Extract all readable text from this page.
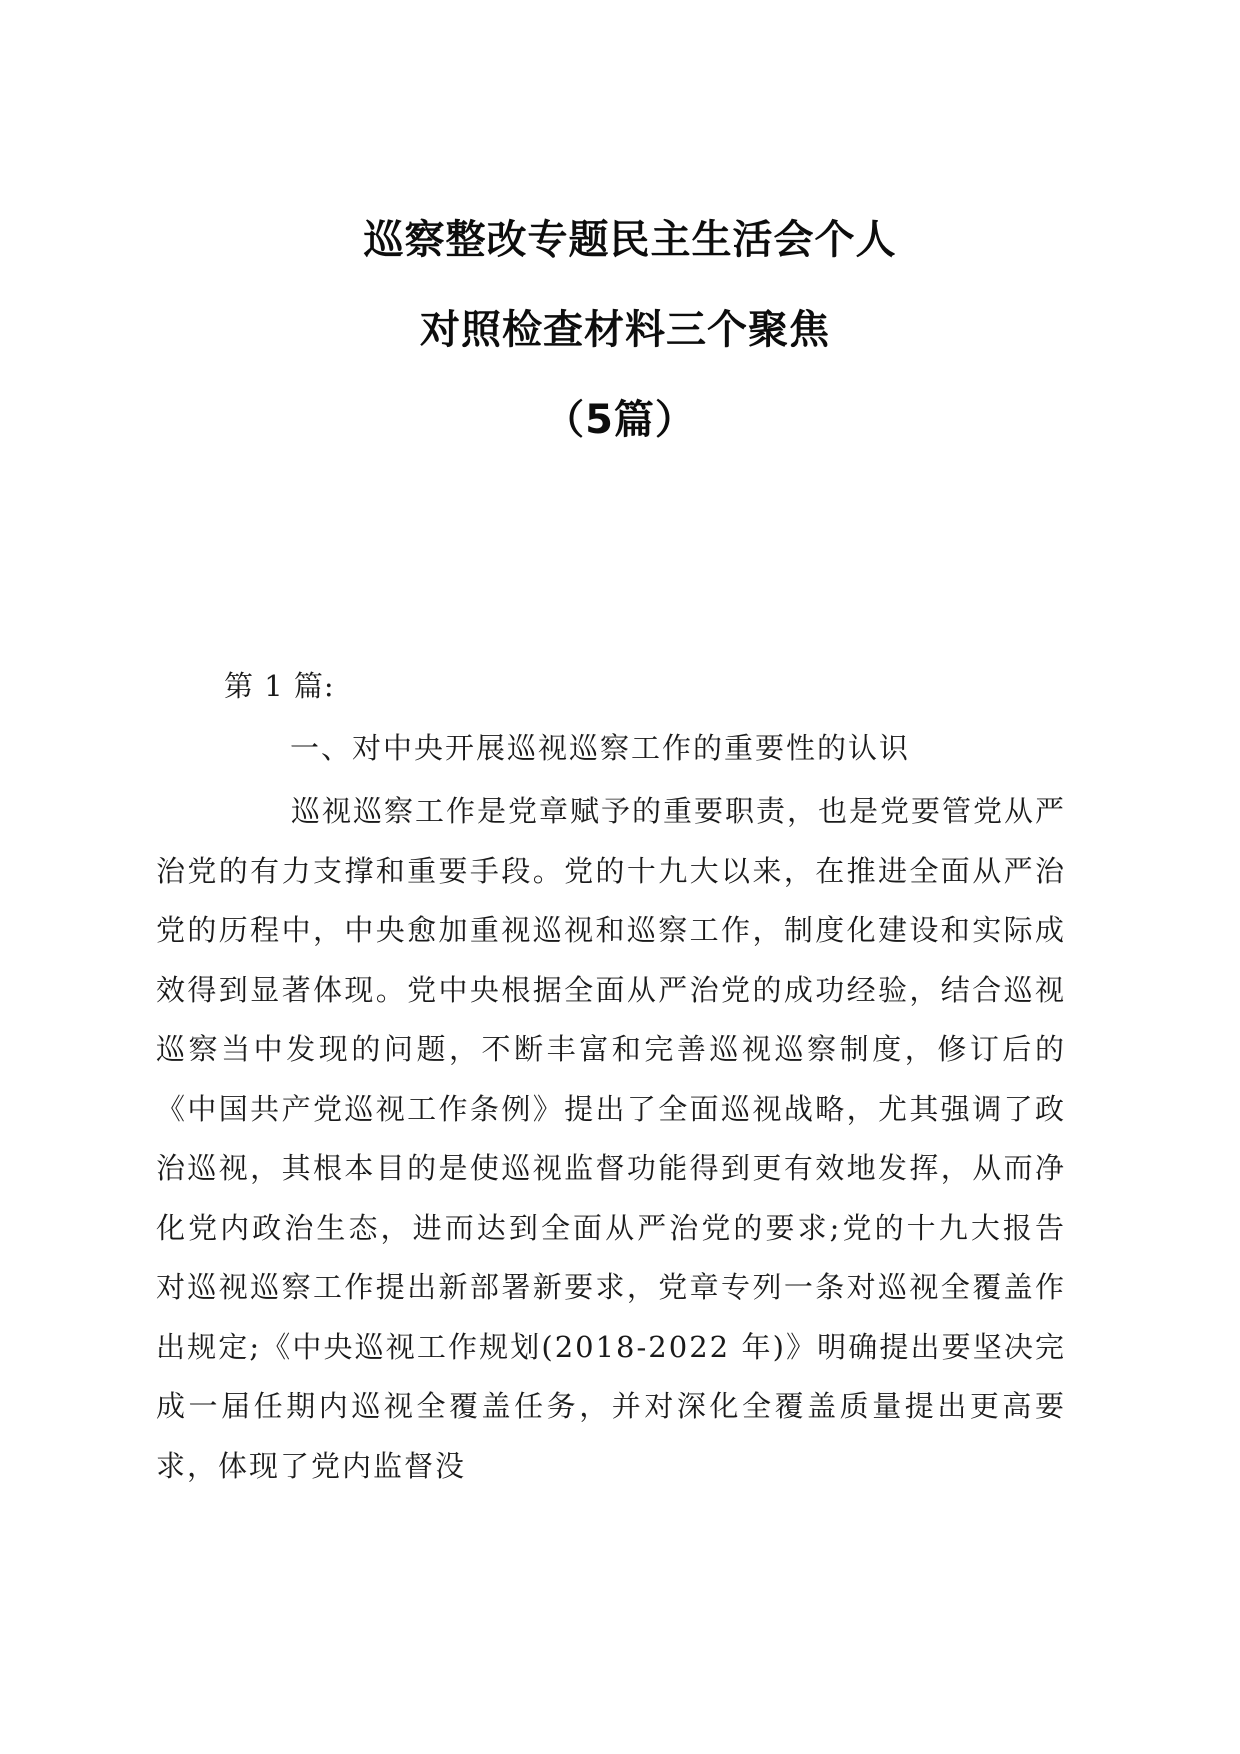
巡察整改专题民主生活会个人
对照检查材料三个聚焦
（5篇）

第 1 篇:

一、对中央开展巡视巡察工作的重要性的认识

巡视巡察工作是党章赋予的重要职责，也是党要管党从严治党的有力支撑和重要手段。党的十九大以来，在推进全面从严治党的历程中，中央愈加重视巡视和巡察工作，制度化建设和实际成效得到显著体现。党中央根据全面从严治党的成功经验，结合巡视巡察当中发现的问题，不断丰富和完善巡视巡察制度，修订后的《中国共产党巡视工作条例》提出了全面巡视战略，尤其强调了政治巡视，其根本目的是使巡视监督功能得到更有效地发挥，从而净化党内政治生态，进而达到全面从严治党的要求;党的十九大报告对巡视巡察工作提出新部署新要求，党章专列一条对巡视全覆盖作出规定;《中央巡视工作规划(2018-2022 年)》明确提出要坚决完成一届任期内巡视全覆盖任务，并对深化全覆盖质量提出更高要求，体现了党内监督没
